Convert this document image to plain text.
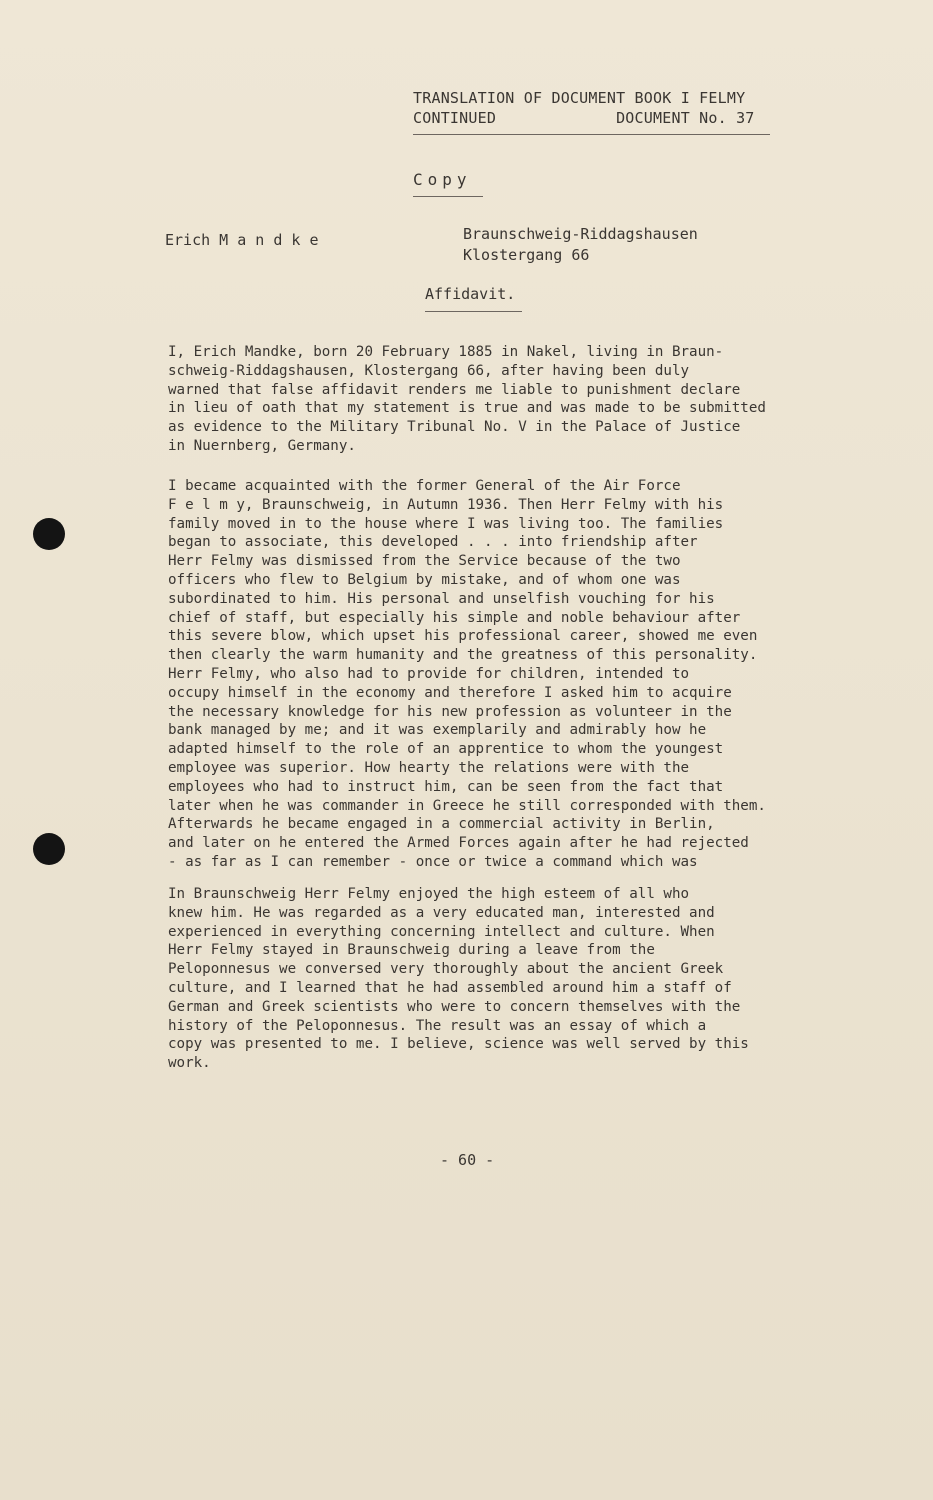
TRANSLATION OF DOCUMENT BOOK I FELMY
CONTINUED             DOCUMENT No. 37
Copy
Erich M a n d k e	Braunschweig-Riddagshausen
Klostergang 66
Affidavit.
I, Erich Mandke, born 20 February 1885 in Nakel, living in Braun-
schweig-Riddagshausen, Klostergang 66, after having been duly
warned that false affidavit renders me liable to punishment declare
in lieu of oath that my statement is true and was made to be submitted
as evidence to the Military Tribunal No. V in the Palace of Justice
in Nuernberg, Germany.
I became acquainted with the former General of the Air Force
F e l m y, Braunschweig, in Autumn 1936. Then Herr Felmy with his
family moved in to the house where I was living too. The families
began to associate, this developed . . . into friendship after
Herr Felmy was dismissed from the Service because of the two
officers who flew to Belgium by mistake, and of whom one was
subordinated to him. His personal and unselfish vouching for his
chief of staff, but especially his simple and noble behaviour after
this severe blow, which upset his professional career, showed me even
then clearly the warm humanity and the greatness of this personality.
Herr Felmy, who also had to provide for children, intended to
occupy himself in the economy and therefore I asked him to acquire
the necessary knowledge for his new profession as volunteer in the
bank managed by me; and it was exemplarily and admirably how he
adapted himself to the role of an apprentice to whom the youngest
employee was superior. How hearty the relations were with the
employees who had to instruct him, can be seen from the fact that
later when he was commander in Greece he still corresponded with them.
Afterwards he became engaged in a commercial activity in Berlin,
and later on he entered the Armed Forces again after he had rejected
- as far as I can remember - once or twice a command which was
In Braunschweig Herr Felmy enjoyed the high esteem of all who
knew him. He was regarded as a very educated man, interested and
experienced in everything concerning intellect and culture. When
Herr Felmy stayed in Braunschweig during a leave from the
Peloponnesus we conversed very thoroughly about the ancient Greek
culture, and I learned that he had assembled around him a staff of
German and Greek scientists who were to concern themselves with the
history of the Peloponnesus. The result was an essay of which a
copy was presented to me. I believe, science was well served by this
work.
- 60 -
